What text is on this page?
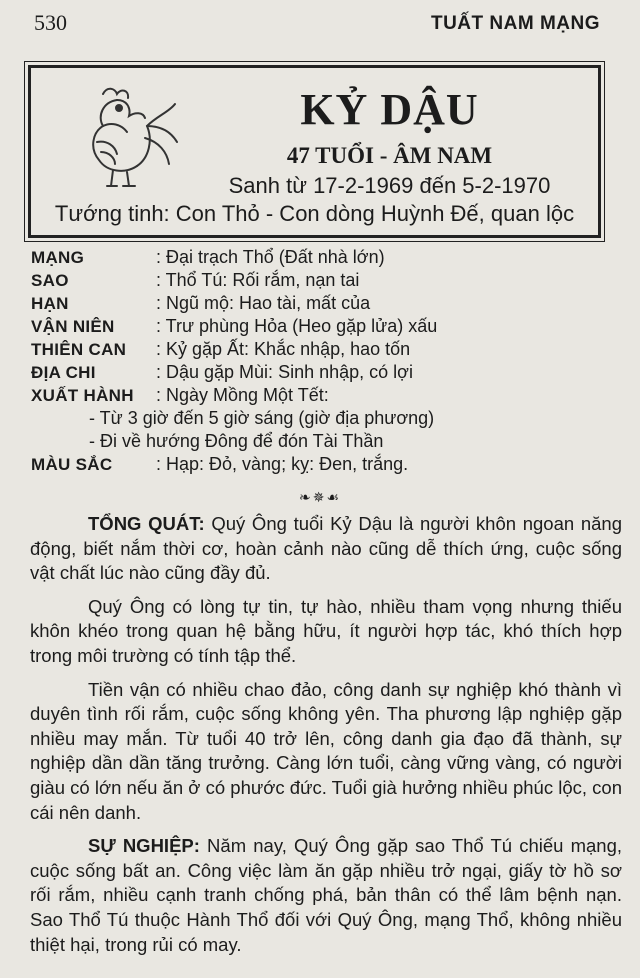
530	TUẤT NAM MẠNG
KỶ DẬU
47 TUỔI - ÂM NAM
Sanh từ 17-2-1969 đến 5-2-1970
Tướng tinh: Con Thỏ - Con dòng Huỳnh Đế, quan lộc
MẠNG	: Đại trạch Thổ (Đất nhà lớn)
SAO	: Thổ Tú: Rối rắm, nạn tai
HẠN	: Ngũ mộ: Hao tài, mất của
VẬN NIÊN	: Trư phùng Hỏa (Heo gặp lửa) xấu
THIÊN CAN	: Kỷ gặp Ất: Khắc nhập, hao tốn
ĐỊA CHI	: Dậu gặp Mùi: Sinh nhập, có lợi
XUẤT HÀNH	: Ngày Mồng Một Tết:
- Từ 3 giờ đến 5 giờ sáng (giờ địa phương)
- Đi về hướng Đông để đón Tài Thần
MÀU SẮC	: Hạp: Đỏ, vàng; kỵ: Đen, trắng.
❧✵☙

TỔNG QUÁT: Quý Ông tuổi Kỷ Dậu là người khôn ngoan năng động, biết nắm thời cơ, hoàn cảnh nào cũng dễ thích ứng, cuộc sống vật chất lúc nào cũng đầy đủ.

Quý Ông có lòng tự tin, tự hào, nhiều tham vọng nhưng thiếu khôn khéo trong quan hệ bằng hữu, ít người hợp tác, khó thích hợp trong môi trường có tính tập thể.

Tiền vận có nhiều chao đảo, công danh sự nghiệp khó thành vì duyên tình rối rắm, cuộc sống không yên. Tha phương lập nghiệp gặp nhiều may mắn. Từ tuổi 40 trở lên, công danh gia đạo đã thành, sự nghiệp dần dần tăng trưởng. Càng lớn tuổi, càng vững vàng, có người giàu có lớn nếu ăn ở có phước đức. Tuổi già hưởng nhiều phúc lộc, con cái nên danh.

SỰ NGHIỆP: Năm nay, Quý Ông gặp sao Thổ Tú chiếu mạng, cuộc sống bất an. Công việc làm ăn gặp nhiều trở ngại, giấy tờ hồ sơ rối rắm, nhiều cạnh tranh chống phá, bản thân có thể lâm bệnh nạn. Sao Thổ Tú thuộc Hành Thổ đối với Quý Ông, mạng Thổ, không nhiều thiệt hại, trong rủi có may.
